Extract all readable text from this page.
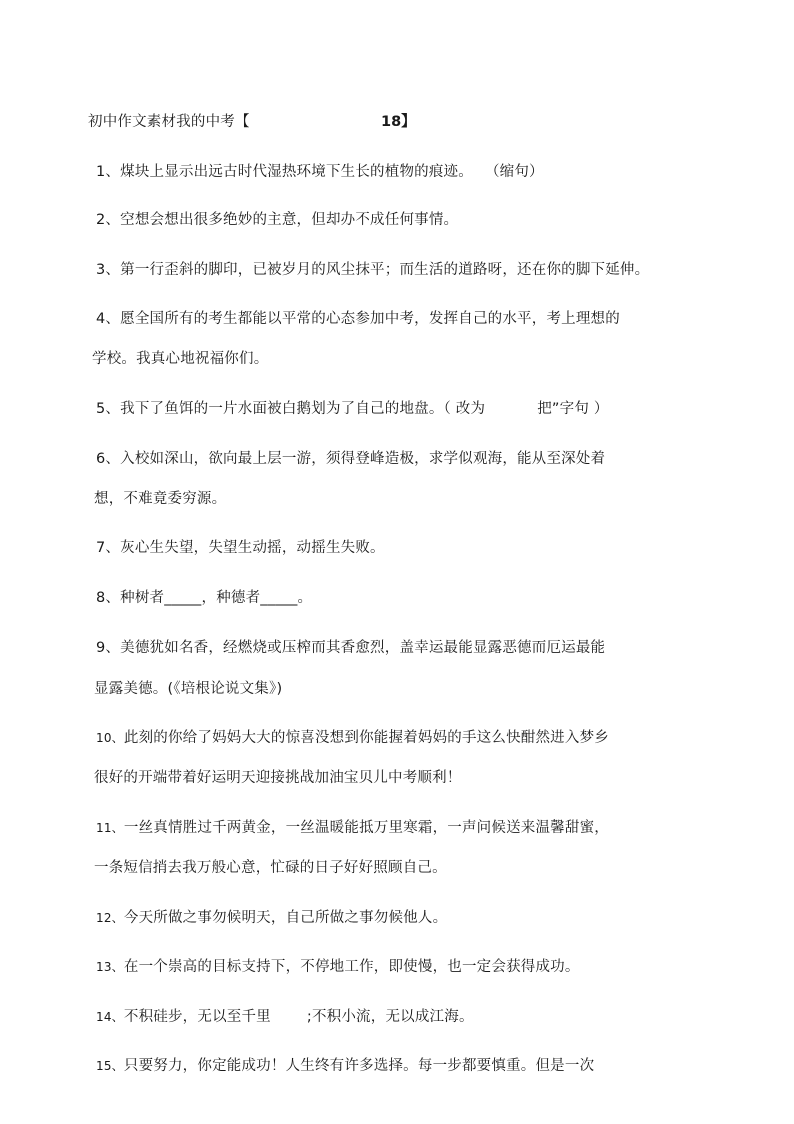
初中作文素材我的中考【	18】
1、煤块上显示出远古时代湿热环境下生长的植物的痕迹。 （缩句）
2、空想会想出很多绝妙的主意，但却办不成任何事情。
3、第一行歪斜的脚印，已被岁月的风尘抹平；而生活的道路呀，还在你的脚下延伸。
4、愿全国所有的考生都能以平常的心态参加中考，发挥自己的水平，考上理想的
学校。我真心地祝福你们。
5、我下了鱼饵的一片水面被白鹅划为了自己的地盘。（ 改为	把”字句 ）
6、入校如深山，欲向最上层一游，须得登峰造极，求学似观海，能从至深处着
想，不难竟委穷源。
7、灰心生失望，失望生动摇，动摇生失败。
8、种树者_____，种德者_____。
9、美德犹如名香，经燃烧或压榨而其香愈烈，盖幸运最能显露恶德而厄运最能
显露美德。(《培根论说文集》)
10、此刻的你给了妈妈大大的惊喜没想到你能握着妈妈的手这么快酣然进入梦乡
很好的开端带着好运明天迎接挑战加油宝贝儿中考顺利！
11、一丝真情胜过千两黄金，一丝温暖能抵万里寒霜，一声问候送来温馨甜蜜，
一条短信捎去我万般心意，忙碌的日子好好照顾自己。
12、今天所做之事勿候明天，自己所做之事勿候他人。
13、在一个崇高的目标支持下，不停地工作，即使慢，也一定会获得成功。
14、不积硅步，无以至千里 ;不积小流，无以成江海。
15、只要努力，你定能成功！人生终有许多选择。每一步都要慎重。但是一次
